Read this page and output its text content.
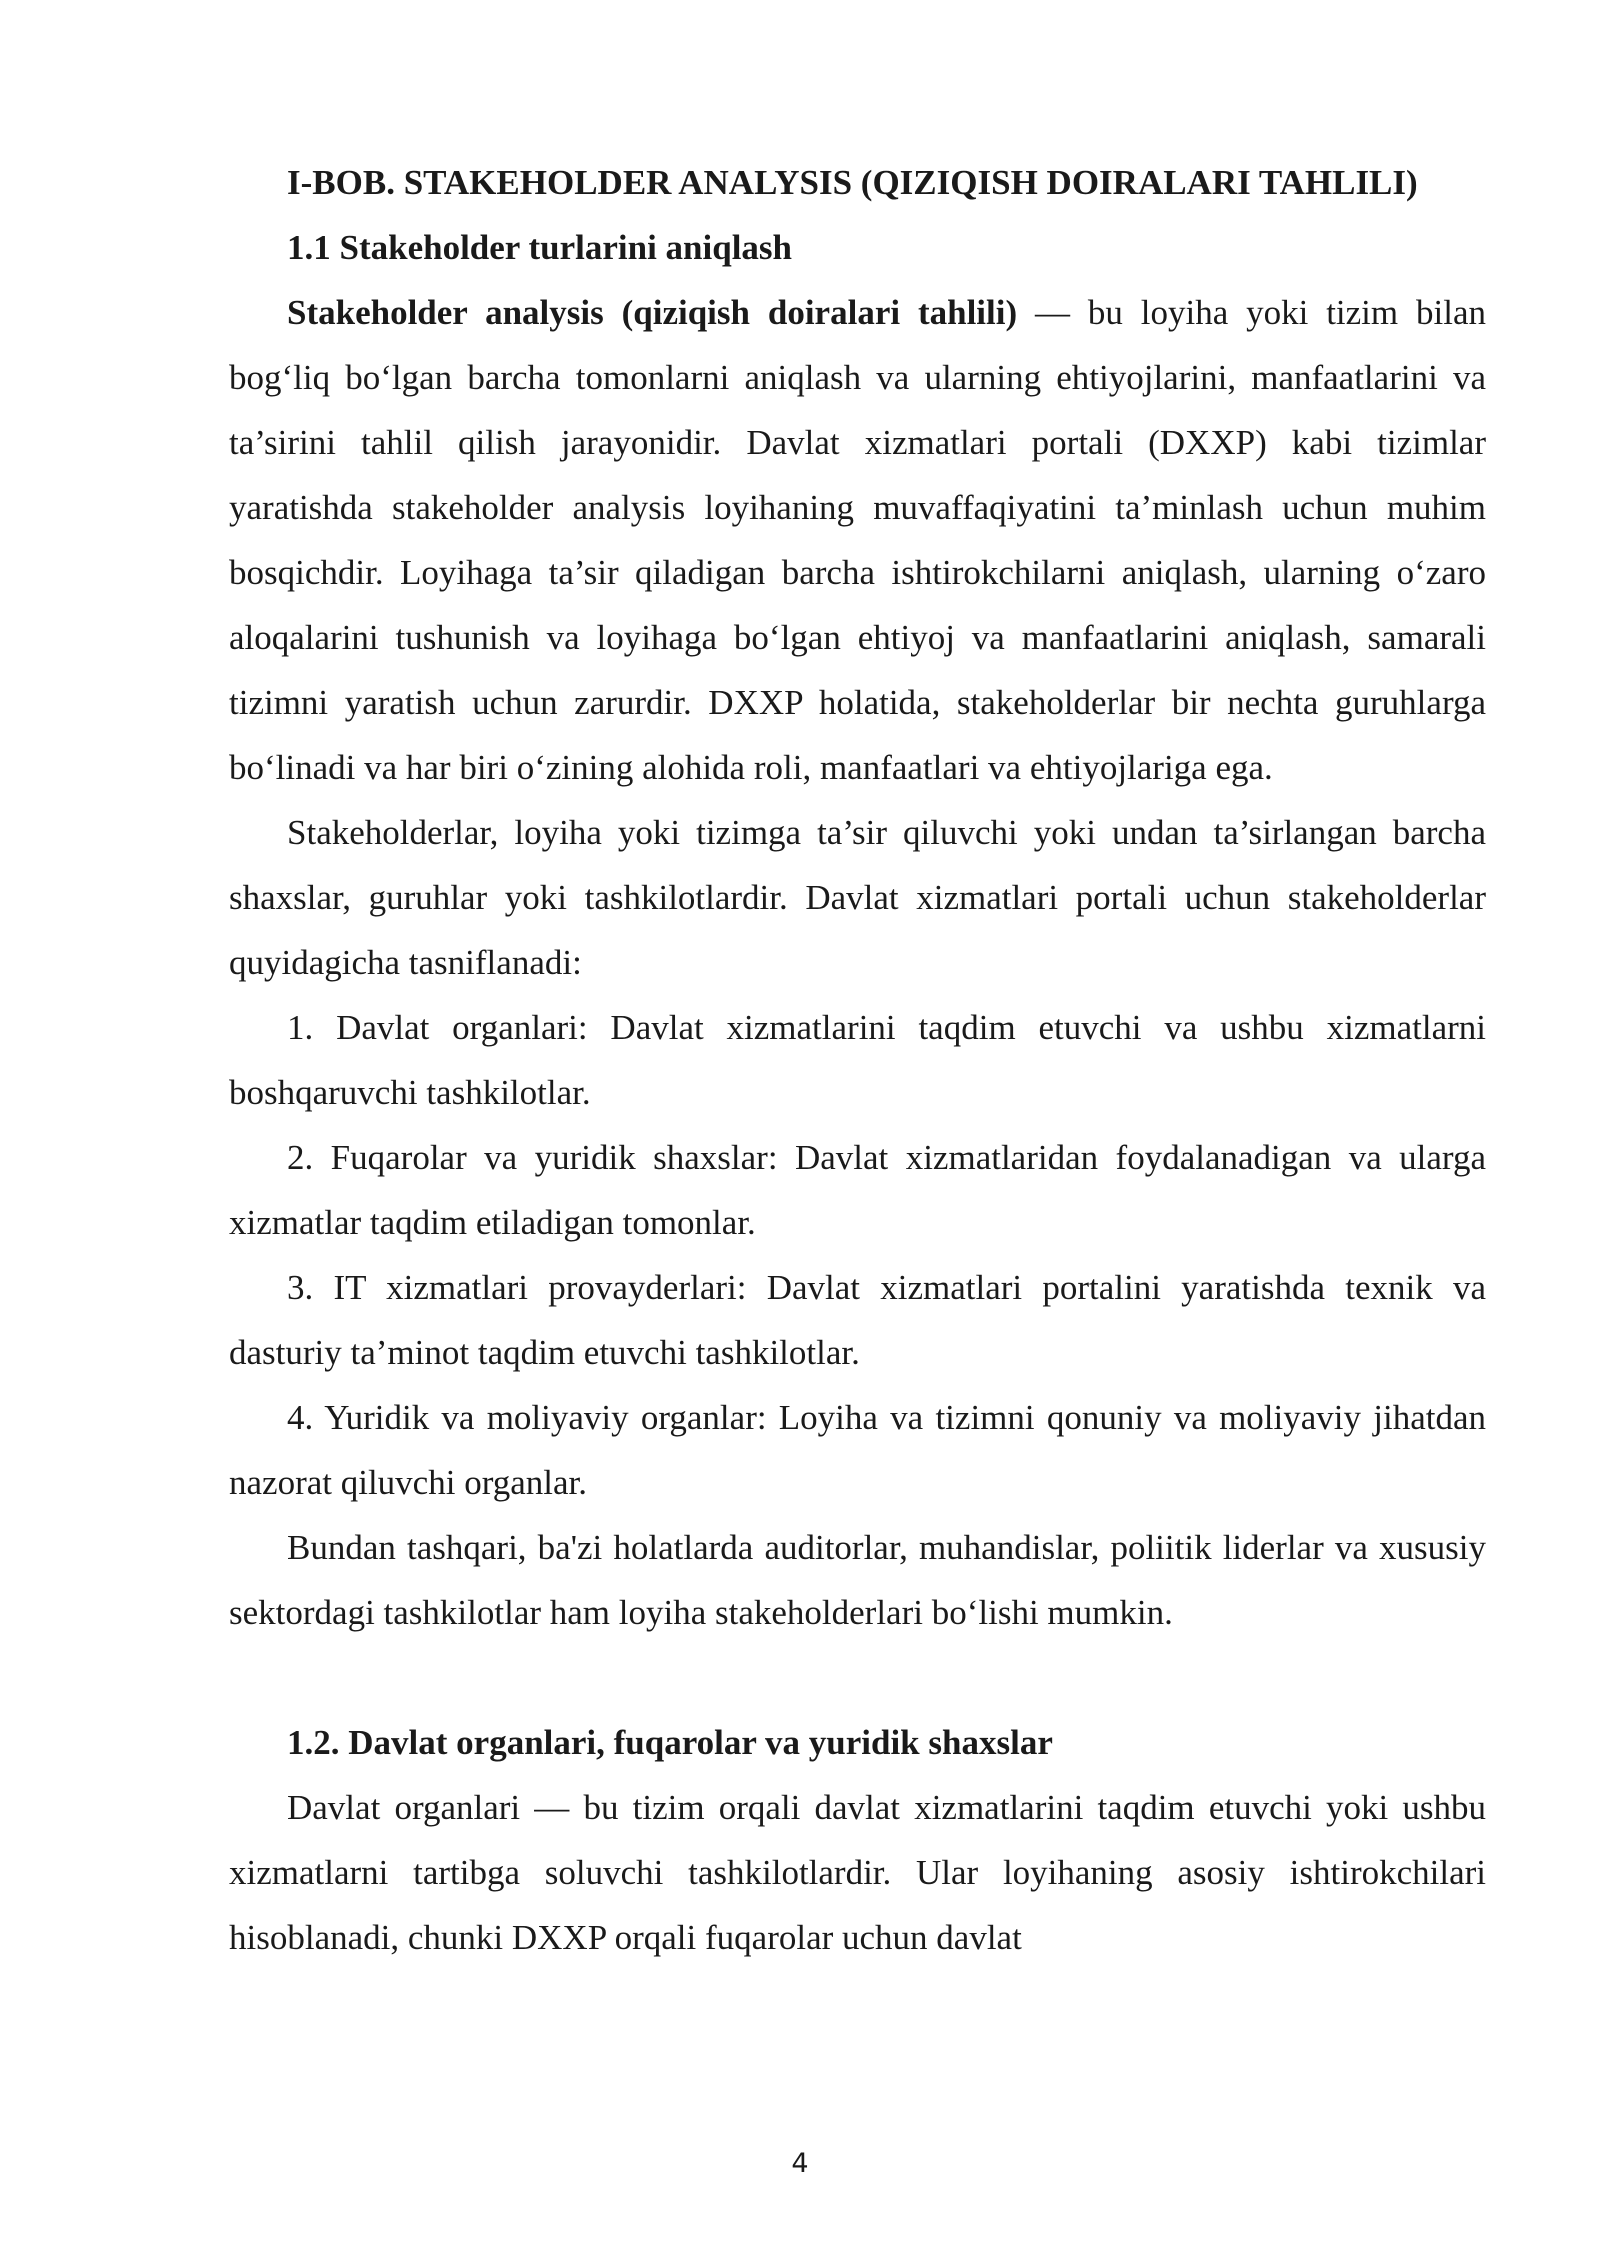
I-BOB. STAKEHOLDER ANALYSIS (QIZIQISH DOIRALARI TAHLILI)

1.1 Stakeholder turlarini aniqlash

Stakeholder analysis (qiziqish doiralari tahlili) — bu loyiha yoki tizim bilan bog‘liq bo‘lgan barcha tomonlarni aniqlash va ularning ehtiyojlarini, manfaatlarini va ta’sirini tahlil qilish jarayonidir. Davlat xizmatlari portali (DXXP) kabi tizimlar yaratishda stakeholder analysis loyihaning muvaffaqiyatini ta’minlash uchun muhim bosqichdir. Loyihaga ta’sir qiladigan barcha ishtirokchilarni aniqlash, ularning o‘zaro aloqalarini tushunish va loyihaga bo‘lgan ehtiyoj va manfaatlarini aniqlash, samarali tizimni yaratish uchun zarurdir. DXXP holatida, stakeholderlar bir nechta guruhlarga bo‘linadi va har biri o‘zining alohida roli, manfaatlari va ehtiyojlariga ega.

Stakeholderlar, loyiha yoki tizimga ta’sir qiluvchi yoki undan ta’sirlangan barcha shaxslar, guruhlar yoki tashkilotlardir. Davlat xizmatlari portali uchun stakeholderlar quyidagicha tasniflanadi:

1. Davlat organlari: Davlat xizmatlarini taqdim etuvchi va ushbu xizmatlarni boshqaruvchi tashkilotlar.

2. Fuqarolar va yuridik shaxslar: Davlat xizmatlaridan foydalanadigan va ularga xizmatlar taqdim etiladigan tomonlar.

3. IT xizmatlari provayderlari: Davlat xizmatlari portalini yaratishda texnik va dasturiy ta’minot taqdim etuvchi tashkilotlar.

4. Yuridik va moliyaviy organlar: Loyiha va tizimni qonuniy va moliyaviy jihatdan nazorat qiluvchi organlar.

Bundan tashqari, ba'zi holatlarda auditorlar, muhandislar, poliitik liderlar va xususiy sektordagi tashkilotlar ham loyiha stakeholderlari bo‘lishi mumkin.

1.2. Davlat organlari, fuqarolar va yuridik shaxslar

Davlat organlari — bu tizim orqali davlat xizmatlarini taqdim etuvchi yoki ushbu xizmatlarni tartibga soluvchi tashkilotlardir. Ular loyihaning asosiy ishtirokchilari hisoblanadi, chunki DXXP orqali fuqarolar uchun davlat

4
